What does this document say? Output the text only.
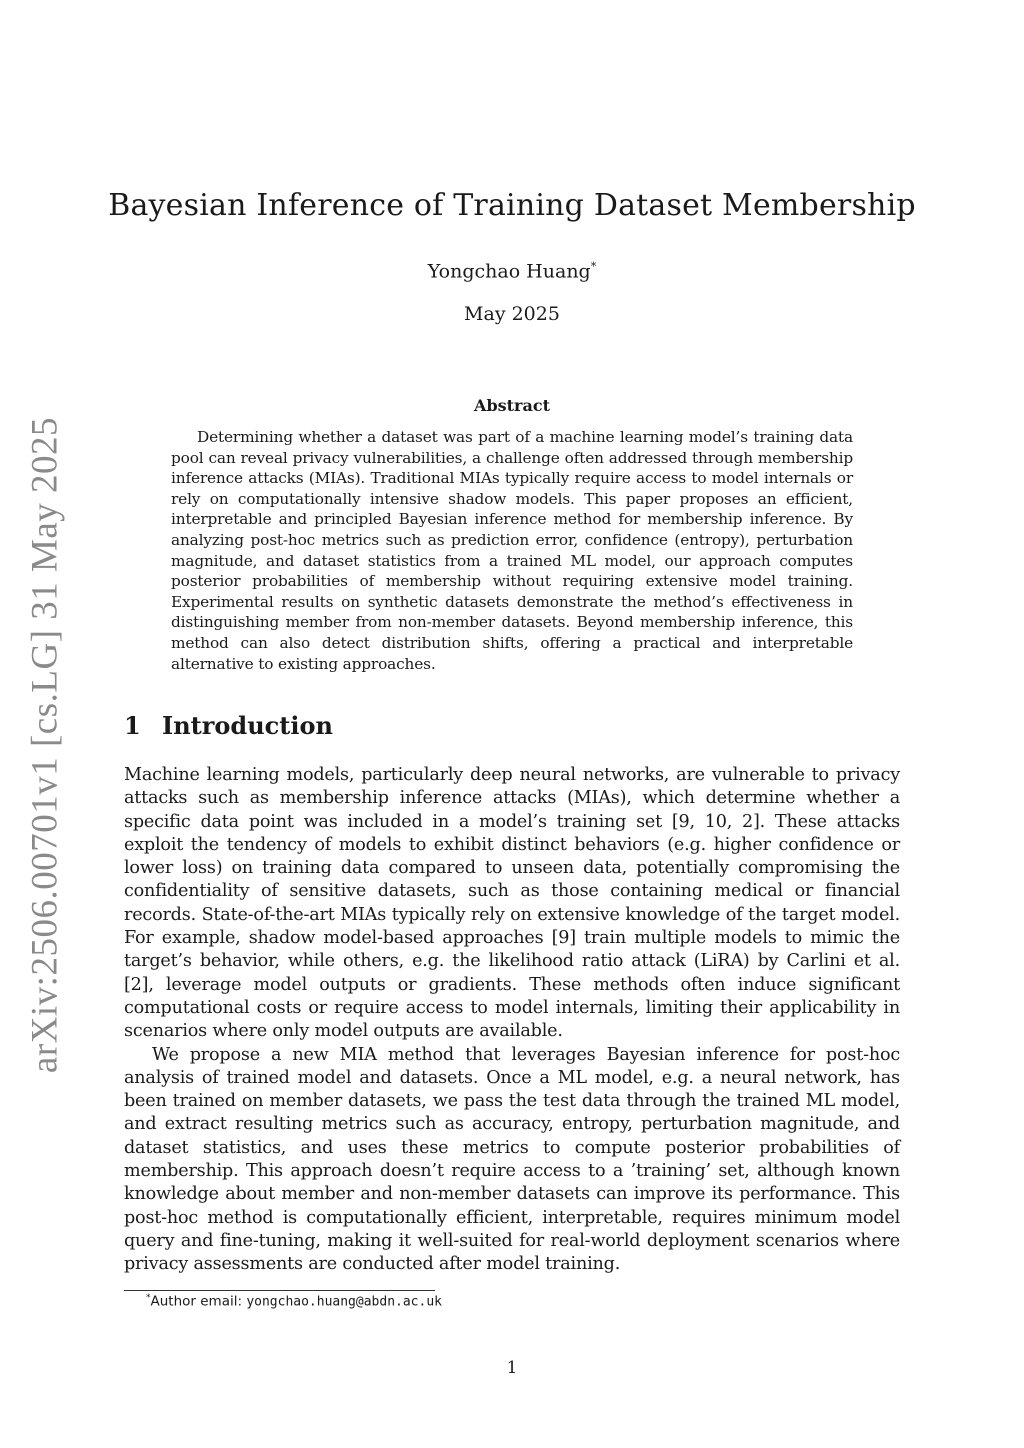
arXiv:2506.00701v1 [cs.LG] 31 May 2025
Bayesian Inference of Training Dataset Membership
Yongchao Huang*
May 2025
Abstract

Determining whether a dataset was part of a machine learning model’s training data pool can reveal privacy vulnerabilities, a challenge often addressed through membership inference attacks (MIAs). Traditional MIAs typically require access to model internals or rely on computationally intensive shadow models. This paper proposes an efficient, interpretable and principled Bayesian inference method for membership inference. By analyzing post-hoc metrics such as prediction error, confidence (entropy), perturbation magnitude, and dataset statistics from a trained ML model, our approach computes posterior probabilities of membership without requiring extensive model training. Experimental results on synthetic datasets demonstrate the method’s effectiveness in distinguishing member from non-member datasets. Beyond membership inference, this method can also detect distribution shifts, offering a practical and interpretable alternative to existing approaches.

1 Introduction

Machine learning models, particularly deep neural networks, are vulnerable to privacy attacks such as membership inference attacks (MIAs), which determine whether a specific data point was included in a model’s training set [9, 10, 2]. These attacks exploit the tendency of models to exhibit distinct behaviors (e.g. higher confidence or lower loss) on training data compared to unseen data, potentially compromising the confidentiality of sensitive datasets, such as those containing medical or financial records. State-of-the-art MIAs typically rely on extensive knowledge of the target model. For example, shadow model-based approaches [9] train multiple models to mimic the target’s behavior, while others, e.g. the likelihood ratio attack (LiRA) by Carlini et al. [2], leverage model outputs or gradients. These methods often induce significant computational costs or require access to model internals, limiting their applicability in scenarios where only model outputs are available.

We propose a new MIA method that leverages Bayesian inference for post-hoc analysis of trained model and datasets. Once a ML model, e.g. a neural network, has been trained on member datasets, we pass the test data through the trained ML model, and extract resulting metrics such as accuracy, entropy, perturbation magnitude, and dataset statistics, and uses these metrics to compute posterior probabilities of membership. This approach doesn’t require access to a ’training’ set, although known knowledge about member and non-member datasets can improve its performance. This post-hoc method is computationally efficient, interpretable, requires minimum model query and fine-tuning, making it well-suited for real-world deployment scenarios where privacy assessments are conducted after model training.

*Author email: yongchao.huang@abdn.ac.uk
1
